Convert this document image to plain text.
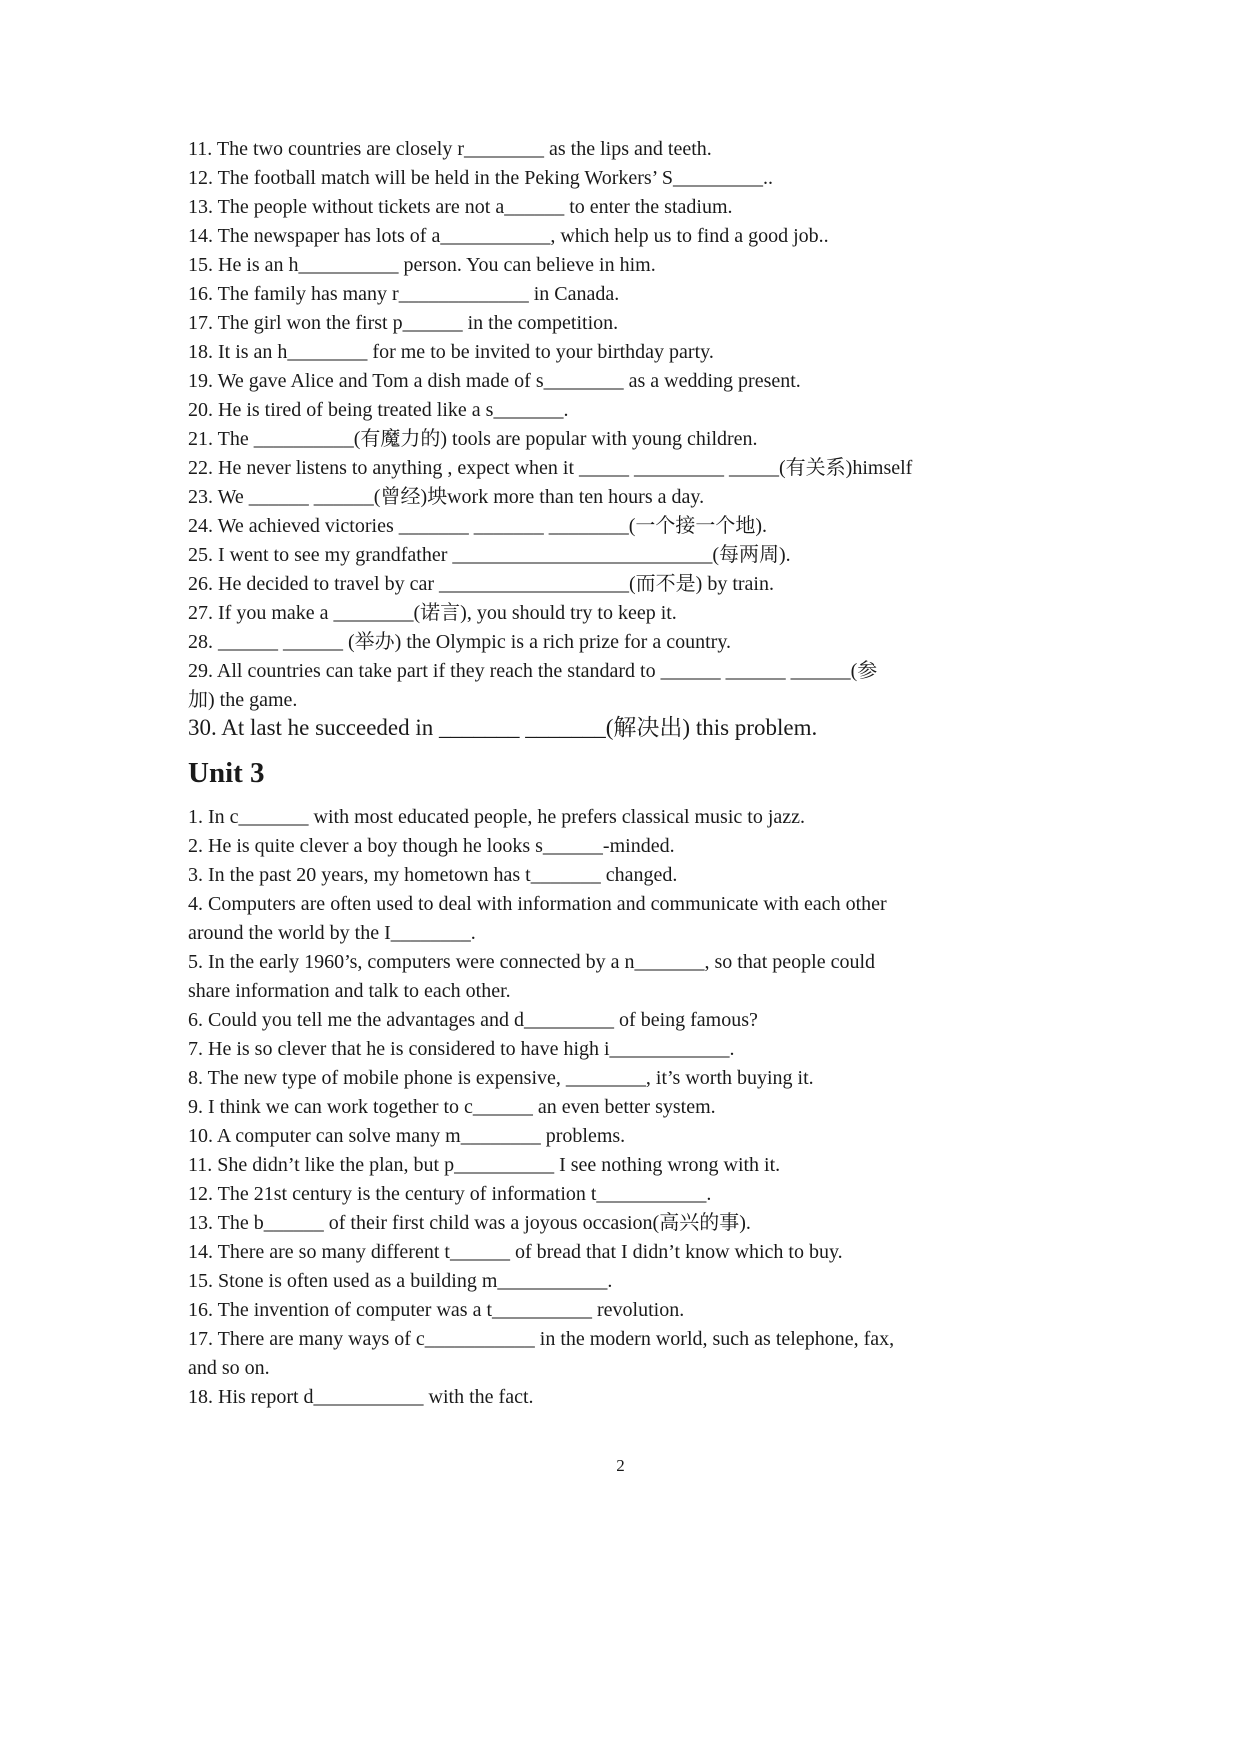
11. The two countries are closely r________ as the lips and teeth.
12. The football match will be held in the Peking Workers’ S_________..
13. The people without tickets are not a______ to enter the stadium.
14. The newspaper has lots of a___________, which help us to find a good job..
15. He is an h__________ person. You can believe in him.
16. The family has many r_____________ in Canada.
17. The girl won the first p______ in the competition.
18. It is an h________ for me to be invited to your birthday party.
19. We gave Alice and Tom a dish made of s________ as a wedding present.
20. He is tired of being treated like a s_______.
21. The __________(有魔力的) tools are popular with young children.
22. He never listens to anything , expect when it _____ _________ _____(有关系)himself
23. We ______ ______(曾经)坱work more than ten hours a day.
24. We achieved victories _______ _______ ________(一个接一个地).
25. I went to see my grandfather __________________________(每两周).
26. He decided to travel by car ___________________(而不是) by train.
27. If you make a ________(诺言), you should try to keep it.
28. ______ ______ (举办) the Olympic is a rich prize for a country.
29. All countries can take part if they reach the standard to ______ ______ ______(参
加) the game.
30. At last he succeeded in _______ _______(解决出) this problem.
Unit 3
1. In c_______ with most educated people, he prefers classical music to jazz.
2. He is quite clever a boy though he looks s______-minded.
3. In the past 20 years, my hometown has t_______ changed.
4. Computers are often used to deal with information and communicate with each other
around the world by the I________.
5. In the early 1960’s, computers were connected by a n_______, so that people could
share information and talk to each other.
6. Could you tell me the advantages and d_________ of being famous?
7. He is so clever that he is considered to have high i____________.
8. The new type of mobile phone is expensive, ________, it’s worth buying it.
9. I think we can work together to c______ an even better system.
10. A computer can solve many m________ problems.
11. She didn’t like the plan, but p__________ I see nothing wrong with it.
12. The 21st century is the century of information t___________.
13. The b______ of their first child was a joyous occasion(高兴的事).
14. There are so many different t______ of bread that I didn’t know which to buy.
15. Stone is often used as a building m___________.
16. The invention of computer was a t__________ revolution.
17. There are many ways of c___________ in the modern world, such as telephone, fax,
and so on.
18. His report d___________ with the fact.
2
